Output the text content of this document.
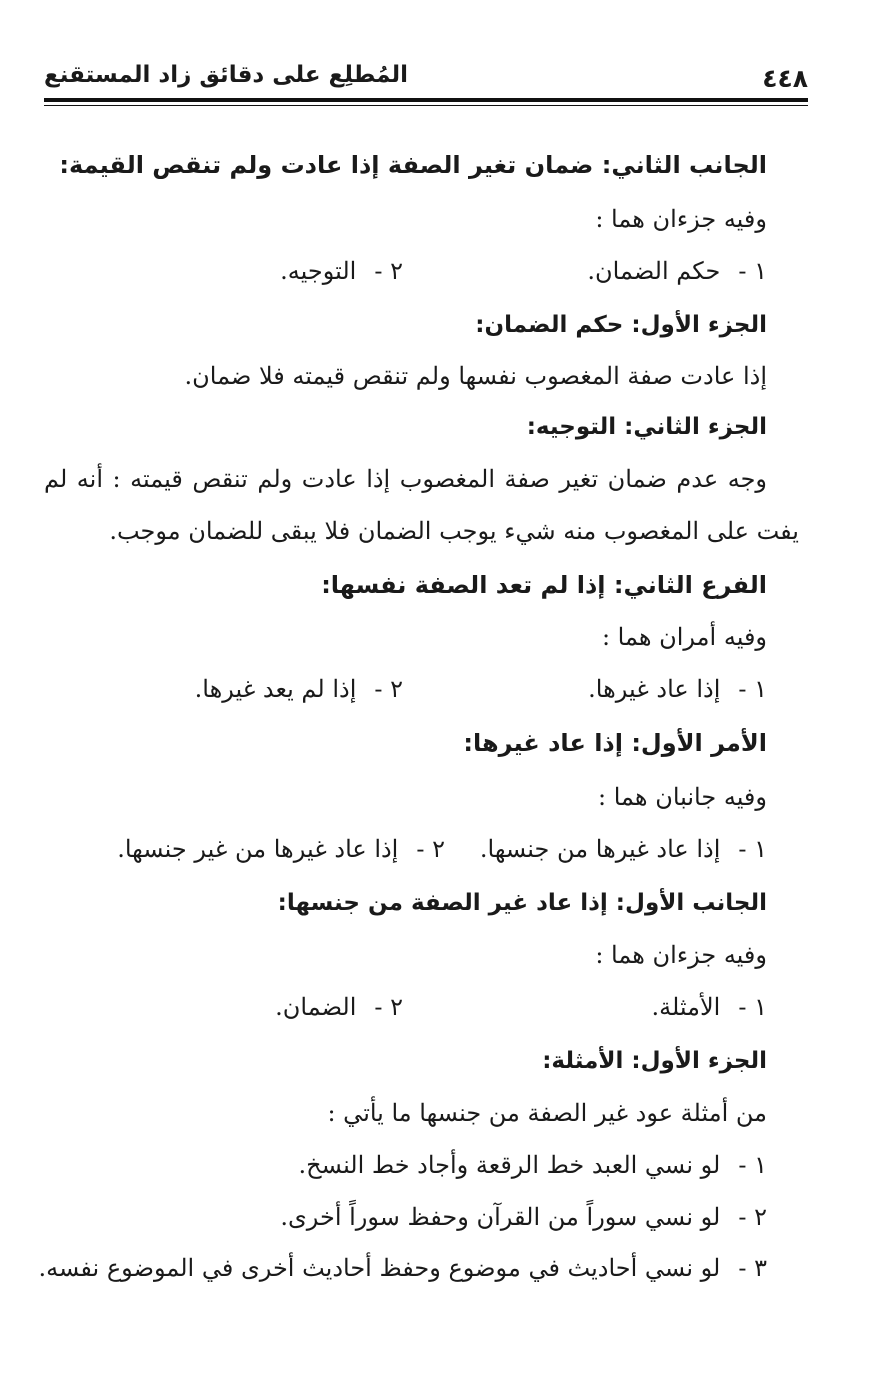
٤٤٨
المُطلِع على دقائق زاد المستقنع
الجانب الثاني: ضمان تغير الصفة إذا عادت ولم تنقص القيمة:
وفيه جزءان هما :
١ -حكم الضمان.
٢ -التوجيه.
الجزء الأول: حكم الضمان:
إذا عادت صفة المغصوب نفسها ولم تنقص قيمته فلا ضمان.
الجزء الثاني: التوجيه:
وجه عدم ضمان تغير صفة المغصوب إذا عادت ولم تنقص قيمته : أنه لم
يفت على المغصوب منه شيء يوجب الضمان فلا يبقى للضمان موجب.
الفرع الثاني: إذا لم تعد الصفة نفسها:
وفيه أمران هما :
١ -إذا عاد غيرها.
٢ -إذا لم يعد غيرها.
الأمر الأول: إذا عاد غيرها:
وفيه جانبان هما :
١ -إذا عاد غيرها من جنسها.
٢ -إذا عاد غيرها من غير جنسها.
الجانب الأول: إذا عاد غير الصفة من جنسها:
وفيه جزءان هما :
١ -الأمثلة.
٢ -الضمان.
الجزء الأول: الأمثلة:
من أمثلة عود غير الصفة من جنسها ما يأتي :
١ -لو نسي العبد خط الرقعة وأجاد خط النسخ.
٢ -لو نسي سوراً من القرآن وحفظ سوراً أخرى.
٣ -لو نسي أحاديث في موضوع وحفظ أحاديث أخرى في الموضوع نفسه.
